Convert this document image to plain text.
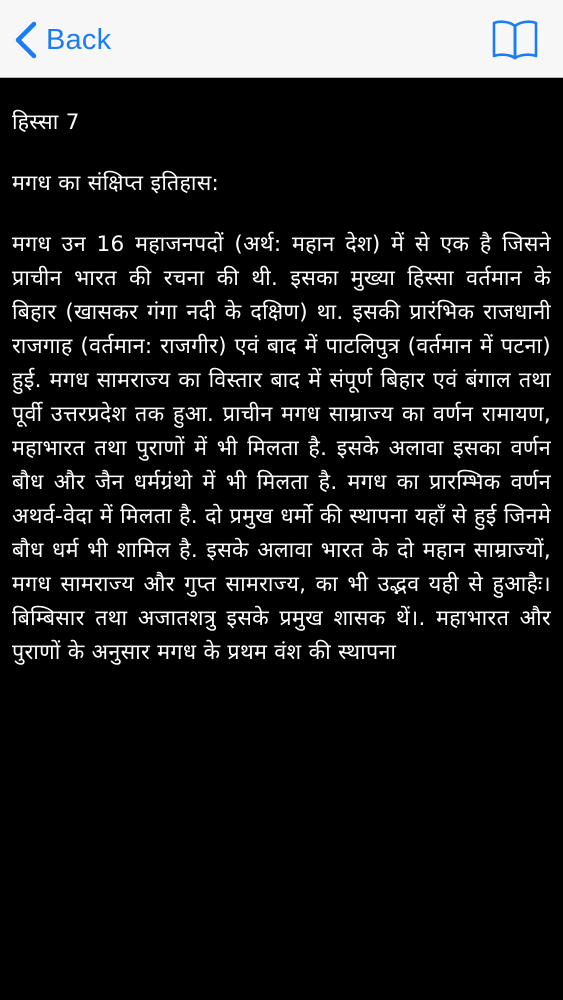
Back

हिस्सा 7

मगध का संक्षिप्त इतिहास:

मगध उन 16 महाजनपदों (अर्थ: महान देश) में से एक है जिसने प्राचीन भारत की रचना की थी. इसका मुख्या हिस्सा वर्तमान के बिहार (खासकर गंगा नदी के दक्षिण) था. इसकी प्रारंभिक राजधानी राजगाह (वर्तमान: राजगीर) एवं बाद में पाटलिपुत्र (वर्तमान में पटना) हुई. मगध सामराज्य का विस्तार बाद में संपूर्ण बिहार एवं बंगाल तथा पूर्वी उत्तरप्रदेश तक हुआ. प्राचीन मगध साम्राज्य का वर्णन रामायण, महाभारत तथा पुराणों में भी मिलता है. इसके अलावा इसका वर्णन बौध और जैन धर्मग्रंथो में भी मिलता है. मगध का प्रारम्भिक वर्णन अथर्व-वेदा में मिलता है. दो प्रमुख धर्मो की स्थापना यहाँ से हुई जिनमे बौध धर्म भी शामिल है. इसके अलावा भारत के दो महान साम्राज्यों, मगध सामराज्य और गुप्त सामराज्य, का भी उद्भव यही से हुआहैः। बिम्बिसार तथा अजातशत्रु इसके प्रमुख शासक थें।. महाभारत और पुराणों के अनुसार मगध के प्रथम वंश की स्थापना
